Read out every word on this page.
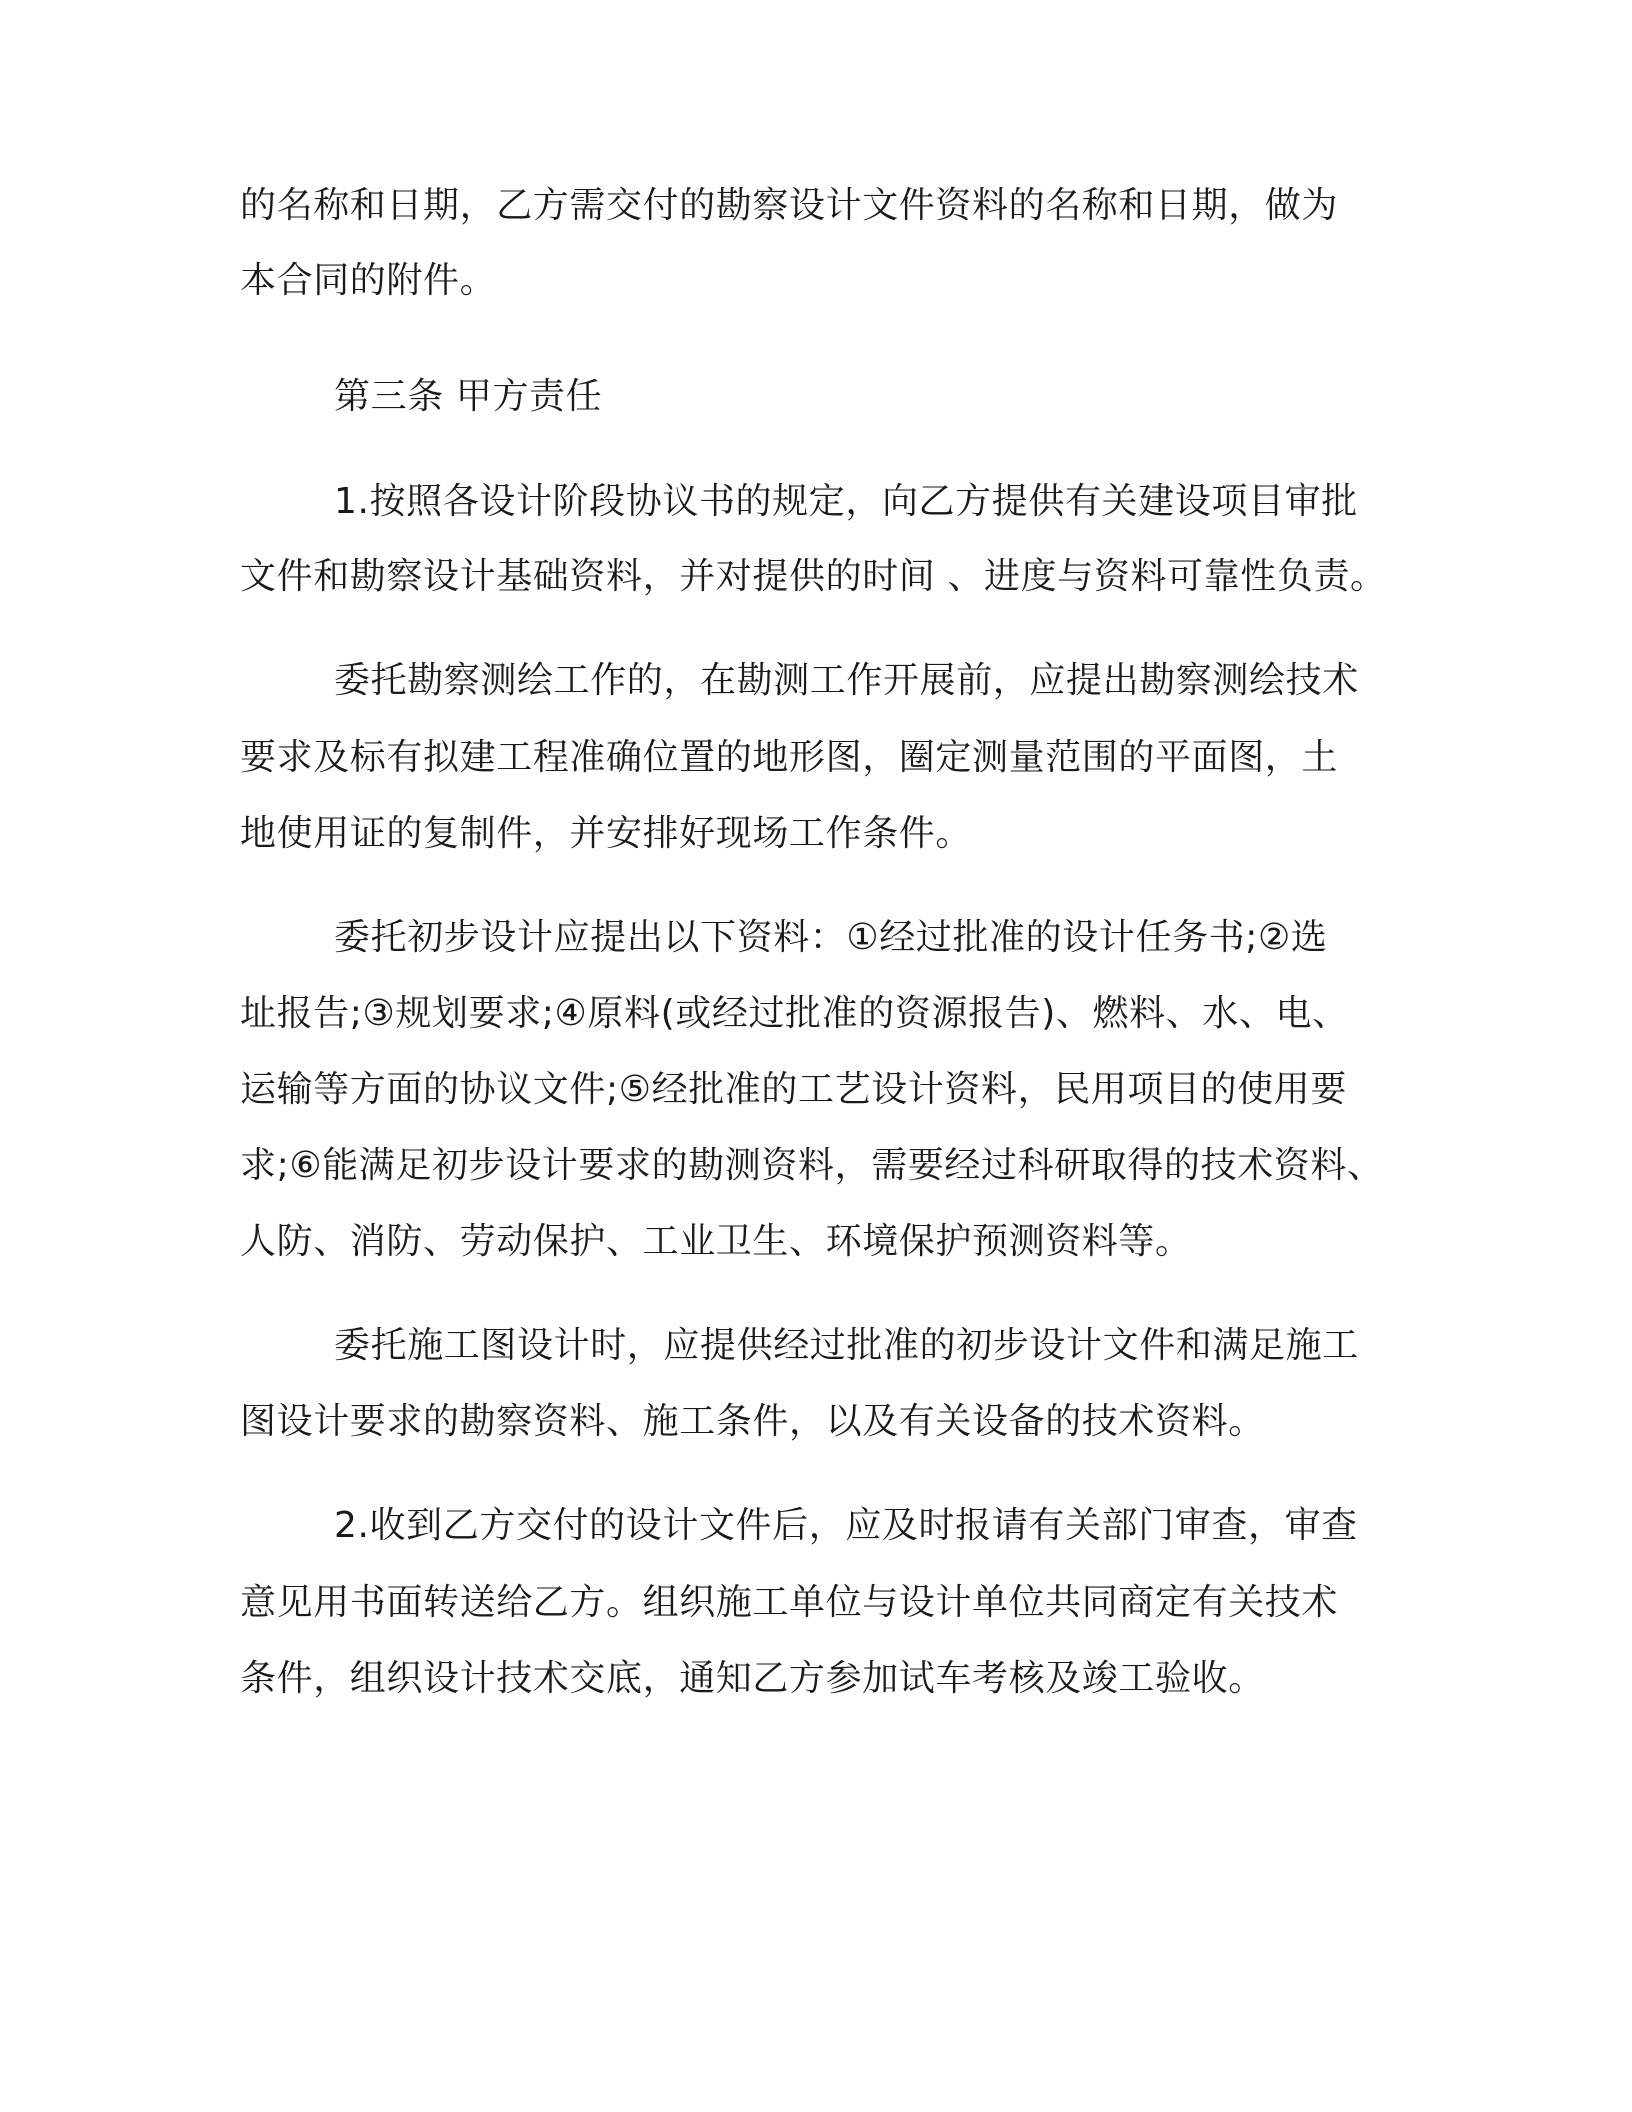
的名称和日期，乙方需交付的勘察设计文件资料的名称和日期，做为
本合同的附件。
第三条 甲方责任
1.按照各设计阶段协议书的规定，向乙方提供有关建设项目审批
文件和勘察设计基础资料，并对提供的时间 、进度与资料可靠性负责。
委托勘察测绘工作的，在勘测工作开展前，应提出勘察测绘技术
要求及标有拟建工程准确位置的地形图，圈定测量范围的平面图，土
地使用证的复制件，并安排好现场工作条件。
委托初步设计应提出以下资料：①经过批准的设计任务书;②选
址报告;③规划要求;④原料(或经过批准的资源报告)、燃料、水、电、
运输等方面的协议文件;⑤经批准的工艺设计资料，民用项目的使用要
求;⑥能满足初步设计要求的勘测资料，需要经过科研取得的技术资料、
人防、消防、劳动保护、工业卫生、环境保护预测资料等。
委托施工图设计时，应提供经过批准的初步设计文件和满足施工
图设计要求的勘察资料、施工条件，以及有关设备的技术资料。
2.收到乙方交付的设计文件后，应及时报请有关部门审查，审查
意见用书面转送给乙方。组织施工单位与设计单位共同商定有关技术
条件，组织设计技术交底，通知乙方参加试车考核及竣工验收。
